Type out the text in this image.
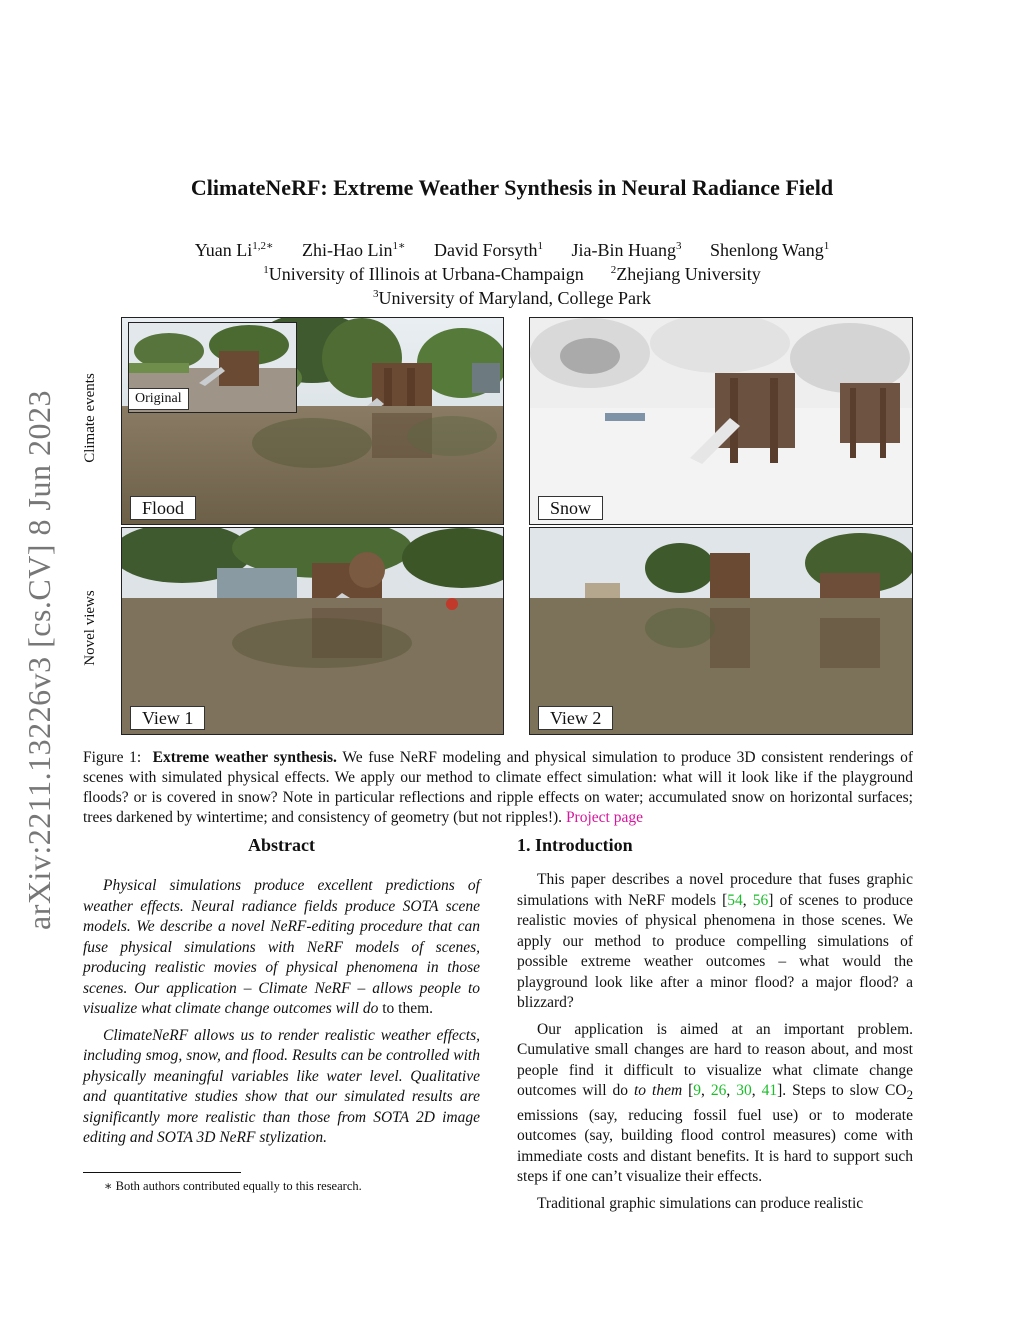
arXiv:2211.13226v3 [cs.CV] 8 Jun 2023
ClimateNeRF: Extreme Weather Synthesis in Neural Radiance Field
Yuan $Li^{1,2∗}$ Zhi-Hao Lin$^{1∗}$ David Forsyth$^1$ Jia-Bin Huang$^3$ Shenlong Wang$^1$
$^1$University of Illinois at Urbana-Champaign $^2$Zhejiang University
$^3$University of Maryland, College Park
Climate events
Novel views
Flood
Original
Snow
View 1	View 2
Figure 1: Extreme weather synthesis. We fuse NeRF modeling and physical simulation to produce 3D consistent renderings of scenes with simulated physical effects. We apply our method to climate effect simulation: what will it look like if the playground floods? or is covered in snow? Note in particular reflections and ripple effects on water; accumulated snow on horizontal surfaces; trees darkened by wintertime; and consistency of geometry (but not ripples!). Project page
Abstract

Physical simulations produce excellent predictions of weather effects. Neural radiance fields produce SOTA scene models. We describe a novel NeRF-editing procedure that can fuse physical simulations with NeRF models of scenes, producing realistic movies of physical phenomena in those scenes. Our application – Climate NeRF – allows people to visualize what climate change outcomes will do to them.

ClimateNeRF allows us to render realistic weather effects, including smog, snow, and flood. Results can be controlled with physically meaningful variables like water level. Qualitative and quantitative studies show that our simulated results are significantly more realistic than those from SOTA 2D image editing and SOTA 3D NeRF stylization.

1. Introduction

This paper describes a novel procedure that fuses graphic simulations with NeRF models [54, 56] of scenes to produce realistic movies of physical phenomena in those scenes. We apply our method to produce compelling simulations of possible extreme weather outcomes – what would the playground look like after a minor flood? a major flood? a blizzard?

Our application is aimed at an important problem. Cumulative small changes are hard to reason about, and most people find it difficult to visualize what climate change outcomes will do to them [9, 26, 30, 41]. Steps to slow $CO_2$ emissions (say, reducing fossil fuel use) or to moderate outcomes (say, building flood control measures) come with immediate costs and distant benefits. It is hard to support such steps if one can’t visualize their effects.

Traditional graphic simulations can produce realistic

∗ Both authors contributed equally to this research.
